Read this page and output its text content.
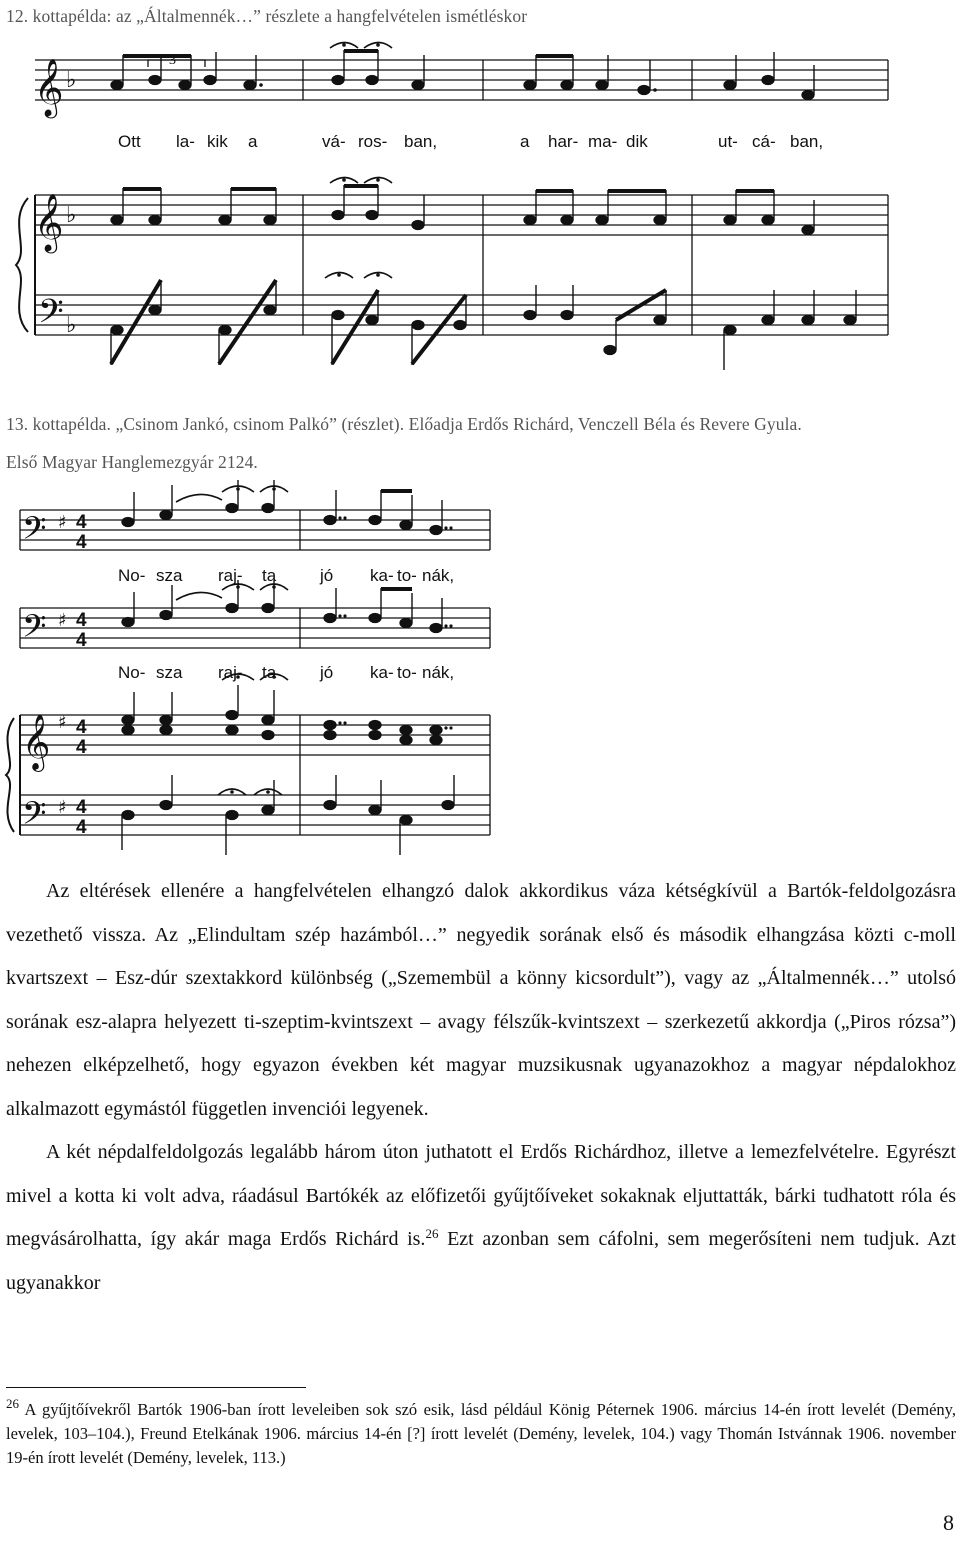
12. kottapélda: az „Általmennék…” részlete a hangfelvételen ismétléskor
3
𝄞
𝄞
𝄢
♭
♭
♭
Ott la- kik a	vá- ros- ban,	a har- ma- dik	ut- cá- ban,
13. kottapélda. „Csinom Jankó, csinom Palkó” (részlet). Előadja Erdős Richárd, Venczell Béla és Revere Gyula.
Első Magyar Hanglemezgyár 2124.
𝄢
𝄢
𝄞
𝄢
♯
♯
♯
♯
4
4
4
4
4
4
4
4
No- sza raj- ta	jó ka- to- nák,
No- sza raj- ta	jó ka- to- nák,

Az eltérések ellenére a hangfelvételen elhangzó dalok akkordikus váza kétségkívül a Bartók-feldolgozásra vezethető vissza. Az „Elindultam szép hazámból…” negyedik sorának első és második elhangzása közti c-moll kvartszext – Esz-dúr szextakkord különbség („Szemembül a könny kicsordult”), vagy az „Általmennék…” utolsó sorának esz-alapra helyezett ti-szeptim-kvintszext – avagy félszűk-kvintszext – szerkezetű akkordja („Piros rózsa”) nehezen elképzelhető, hogy egyazon években két magyar muzsikusnak ugyanazokhoz a magyar népdalokhoz alkalmazott egymástól független invenciói legyenek.

A két népdalfeldolgozás legalább három úton juthatott el Erdős Richárdhoz, illetve a lemezfelvételre. Egyrészt mivel a kotta ki volt adva, ráadásul Bartókék az előfizetői gyűjtőíveket sokaknak eljuttatták, bárki tudhatott róla és megvásárolhatta, így akár maga Erdős Richárd is.$^{26}$ Ezt azonban sem cáfolni, sem megerősíteni nem tudjuk. Azt ugyanakkor

$^{26}$ A gyűjtőívekről Bartók 1906-ban írott leveleiben sok szó esik, lásd például König Péternek 1906. március 14-én írott levelét (Demény, levelek, 103–104.), Freund Etelkának 1906. március 14-én [?] írott levelét (Demény, levelek, 104.) vagy Thomán Istvánnak 1906. november 19-én írott levelét (Demény, levelek, 113.)
8
